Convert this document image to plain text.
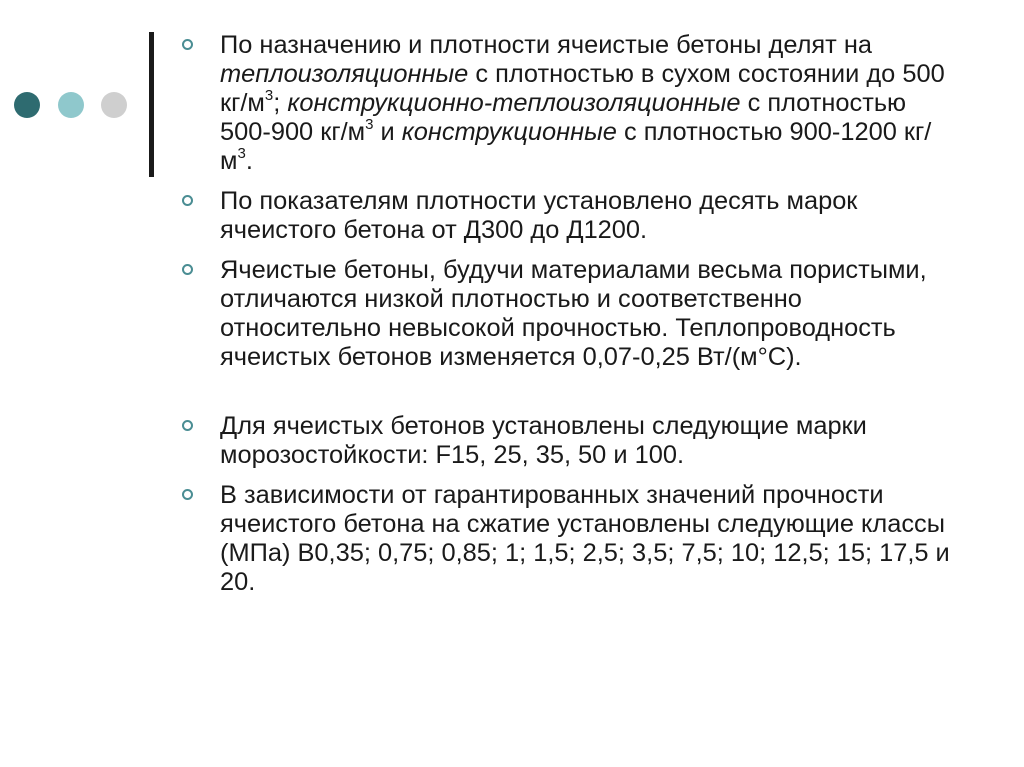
По назначению и плотности ячеистые бетоны делят на теплоизоляционные с плотностью в сухом состоянии до 500 $кг/м^3$; конструкционно-теплоизоляционные с плотностью 500-900 $кг/м^3$ и конструкционные с плотностью 900-1200 $кг/м^3$.

По показателям плотности установлено десять марок ячеистого бетона от Д300 до Д1200.

Ячеистые бетоны, будучи материалами весьма пористыми, отличаются низкой плотностью и соответственно относительно невысокой прочностью. Теплопроводность ячеистых бетонов изменяется 0,07-0,25 Вт/(м°С).

Для ячеистых бетонов установлены следующие марки морозостойкости: F15, 25, 35, 50 и 100.

В зависимости от гарантированных значений прочности ячеистого бетона на сжатие установлены следующие классы (МПа) В0,35; 0,75; 0,85; 1; 1,5; 2,5; 3,5; 7,5; 10; 12,5; 15; 17,5 и 20.
